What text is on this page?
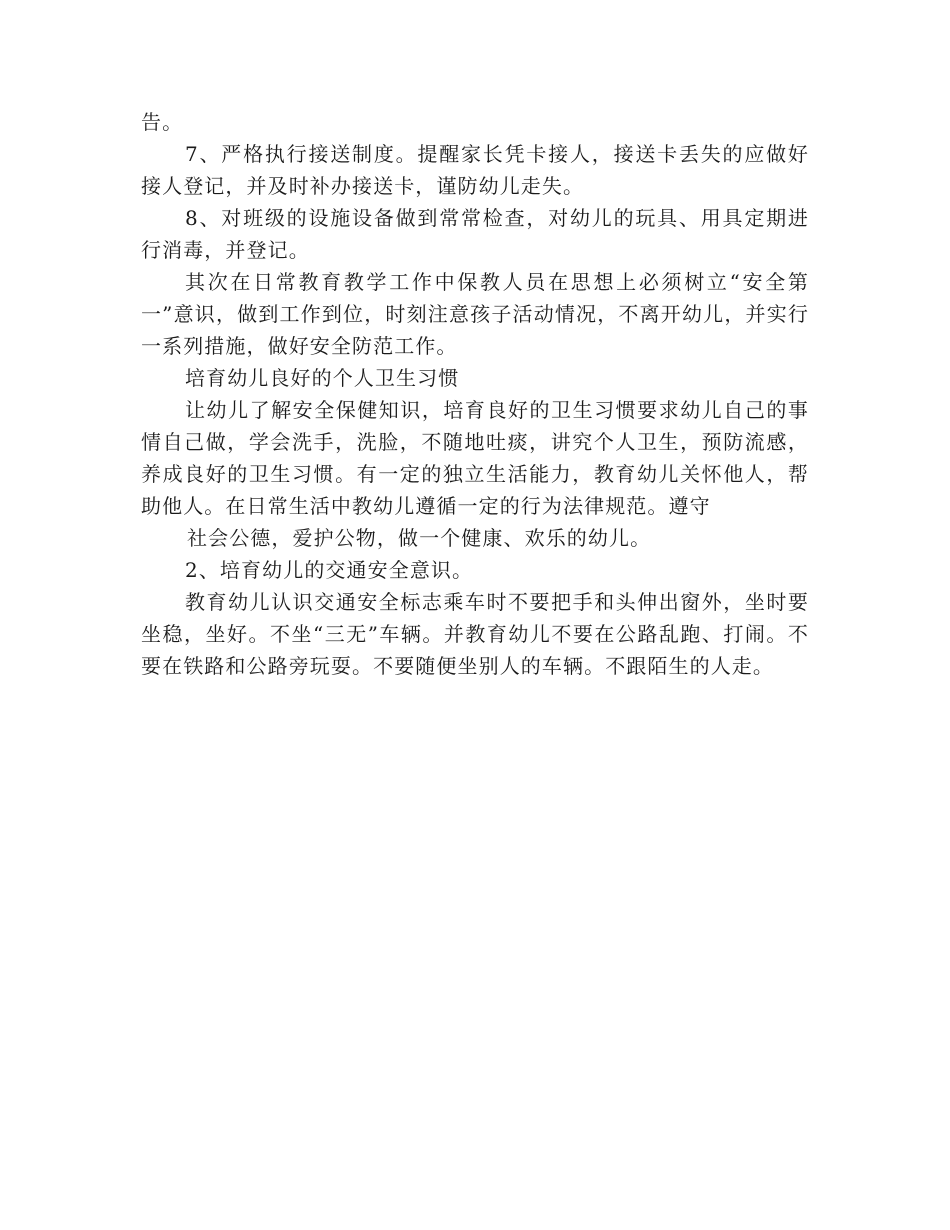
告。

7、严格执行接送制度。提醒家长凭卡接人，接送卡丢失的应做好接人登记，并及时补办接送卡，谨防幼儿走失。

8、对班级的设施设备做到常常检查，对幼儿的玩具、用具定期进行消毒，并登记。

其次在日常教育教学工作中保教人员在思想上必须树立“安全第一”意识，做到工作到位，时刻注意孩子活动情况，不离开幼儿，并实行一系列措施，做好安全防范工作。

培育幼儿良好的个人卫生习惯

让幼儿了解安全保健知识，培育良好的卫生习惯要求幼儿自己的事情自己做，学会洗手，洗脸，不随地吐痰，讲究个人卫生，预防流感，养成良好的卫生习惯。有一定的独立生活能力，教育幼儿关怀他人，帮助他人。在日常生活中教幼儿遵循一定的行为法律规范。遵守

社会公德，爱护公物，做一个健康、欢乐的幼儿。

2、培育幼儿的交通安全意识。

教育幼儿认识交通安全标志乘车时不要把手和头伸出窗外，坐时要坐稳，坐好。不坐“三无”车辆。并教育幼儿不要在公路乱跑、打闹。不要在铁路和公路旁玩耍。不要随便坐别人的车辆。不跟陌生的人走。
